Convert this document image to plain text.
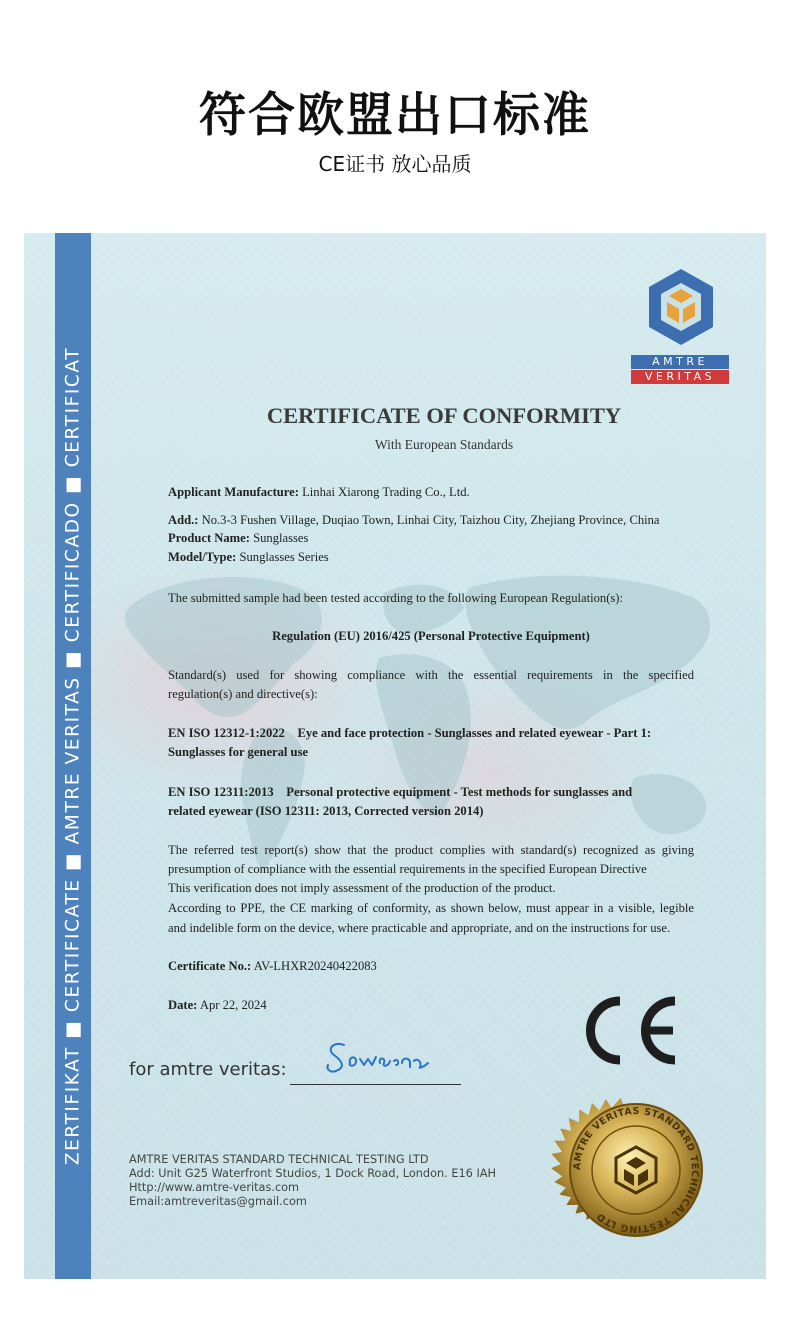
符合欧盟出口标准

CE证书 放心品质

ZERTIFIKAT ■ CERTIFICATE ■ AMTRE VERITAS ■ CERTIFICADO ■ CERTIFICAT	AMTRE
VERITAS
CERTIFICATE OF CONFORMITY
With European Standards
Applicant Manufacture: Linhai Xiarong Trading Co., Ltd.
Add.: No.3-3 Fushen Village, Duqiao Town, Linhai City, Taizhou City, Zhejiang Province, China
Product Name: Sunglasses
Model/Type: Sunglasses Series
The submitted sample had been tested according to the following European Regulation(s):
Regulation (EU) 2016/425 (Personal Protective Equipment)
Standard(s) used for showing compliance with the essential requirements in the specified
regulation(s) and directive(s):
EN ISO 12312-1:2022    Eye and face protection - Sunglasses and related eyewear - Part 1:
Sunglasses for general use
EN ISO 12311:2013    Personal protective equipment - Test methods for sunglasses and
related eyewear (ISO 12311: 2013, Corrected version 2014)
The referred test report(s) show that the product complies with standard(s) recognized as giving
presumption of compliance with the essential requirements in the specified European Directive
This verification does not imply assessment of the production of the product.
According to PPE, the CE marking of conformity, as shown below, must appear in a visible, legible
and indelible form on the device, where practicable and appropriate, and on the instructions for use.
Certificate No.: AV-LHXR20240422083
Date: Apr 22, 2024
for amtre veritas:
AMTRE VERITAS STANDARD TECHNICAL TESTING LTD
Add: Unit G25 Waterfront Studios, 1 Dock Road, London. E16 IAH
Http://www.amtre-veritas.com
Email:amtreveritas@gmail.com
AMTRE VERITAS STANDARD TECHNICAL TESTING LTD
